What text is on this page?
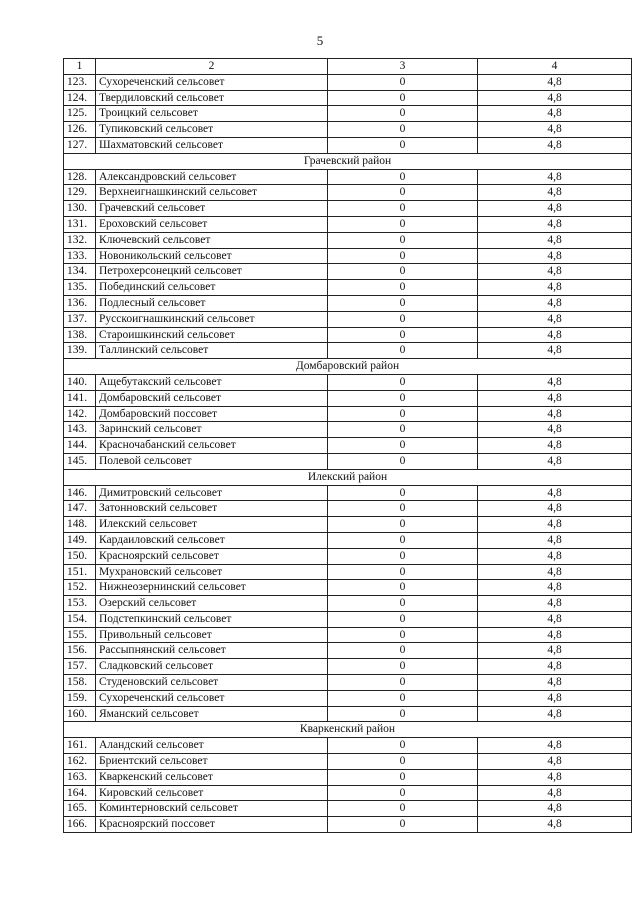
5
1	2	3	4
123.	Сухореченский сельсовет	0	4,8
124.	Твердиловский сельсовет	0	4,8
125.	Троицкий сельсовет	0	4,8
126.	Тупиковский сельсовет	0	4,8
127.	Шахматовский сельсовет	0	4,8
Грачевский район			
128.	Александровский сельсовет	0	4,8
129.	Верхнеигнашкинский сельсовет	0	4,8
130.	Грачевский сельсовет	0	4,8
131.	Ероховский сельсовет	0	4,8
132.	Ключевский сельсовет	0	4,8
133.	Новоникольский сельсовет	0	4,8
134.	Петрохерсонецкий сельсовет	0	4,8
135.	Побединский сельсовет	0	4,8
136.	Подлесный сельсовет	0	4,8
137.	Русскоигнашкинский сельсовет	0	4,8
138.	Староишкинский сельсовет	0	4,8
139.	Таллинский сельсовет	0	4,8
Домбаровский район			
140.	Ащебутакский сельсовет	0	4,8
141.	Домбаровский сельсовет	0	4,8
142.	Домбаровский поссовет	0	4,8
143.	Заринский сельсовет	0	4,8
144.	Красночабанский сельсовет	0	4,8
145.	Полевой сельсовет	0	4,8
Илекский район			
146.	Димитровский сельсовет	0	4,8
147.	Затонновский сельсовет	0	4,8
148.	Илекский сельсовет	0	4,8
149.	Кардаиловский сельсовет	0	4,8
150.	Красноярский сельсовет	0	4,8
151.	Мухрановский сельсовет	0	4,8
152.	Нижнеозернинский сельсовет	0	4,8
153.	Озерский сельсовет	0	4,8
154.	Подстепкинский сельсовет	0	4,8
155.	Привольный сельсовет	0	4,8
156.	Рассыпнянский сельсовет	0	4,8
157.	Сладковский сельсовет	0	4,8
158.	Студеновский сельсовет	0	4,8
159.	Сухореченский сельсовет	0	4,8
160.	Яманский сельсовет	0	4,8
Кваркенский район			
161.	Аландский сельсовет	0	4,8
162.	Бриентский сельсовет	0	4,8
163.	Кваркенский сельсовет	0	4,8
164.	Кировский сельсовет	0	4,8
165.	Коминтерновский сельсовет	0	4,8
166.	Красноярский поссовет	0	4,8
